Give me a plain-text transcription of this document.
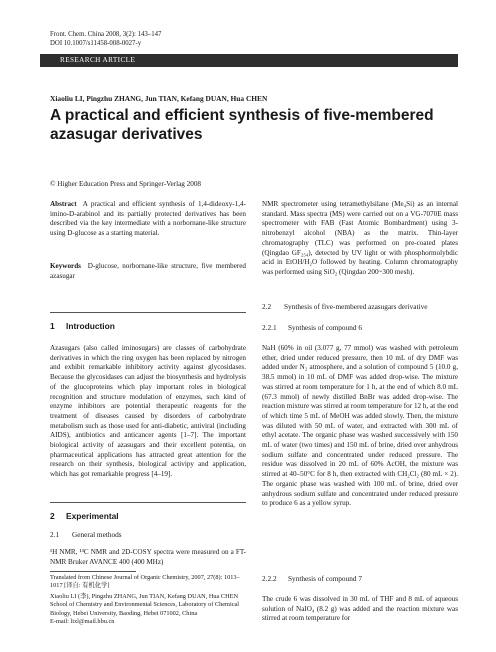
Front. Chem. China 2008, 3(2): 143–147
DOI 10.1007/s11458-008-0027-y
RESEARCH ARTICLE
Xiaoliu LI, Pingzhu ZHANG, Jun TIAN, Kefang DUAN, Hua CHEN
A practical and efficient synthesis of five-membered azasugar derivatives
© Higher Education Press and Springer-Verlag 2008

Abstract A practical and efficient synthesis of 1,4-dideoxy-1,4-imino-D-arabinol and its partially protected derivatives has been described via the key intermediate with a norbornane-like structure using D-glucose as a starting material.

Keywords D-glucose, norbornane-like structure, five membered azasugar

1 Introduction
Azasugars (also called iminosugars) are classes of carbohydrate derivatives in which the ring oxygen has been replaced by nitrogen and exhibit remarkable inhibitory activity against glycosidases. Because the glycosidases can adjust the biosynthesis and hydrolysis of the glucoproteins which play important roles in biological recognition and structure modulation of enzymes, such kind of enzyme inhibitors are potential therapeutic reagents for the treatment of diseases caused by disorders of carbohydrate metabolism such as those used for anti-diabetic, antiviral (including AIDS), antibiotics and anticancer agents [1–7]. The important biological activity of azasugars and their excellent potentia, on pharmaceutical applications has attracted great attention for the research on their synthesis, biological activipy and application, which has got remarkable progress [4–19].
2 Experimental
2.1 General methods
¹H NMR, ¹³C NMR and 2D-COSY spectra were measured on a FT-NMR Bruker AVANCE 400 (400 MHz)

Translated from Chinese Journal of Organic Chemistry, 2007, 27(8): 1013–1017 [译自: 有机化学]

Xiaoliu LI (李), Pingzhu ZHANG, Jun TIAN, Kefang DUAN, Hua CHEN

School of Chemistry and Environmental Sciences, Laboratory of Chemical Biology, Hebei University, Baoding, Hebei 071002, China

E-mail: lixl@mail.hbu.cn

NMR spectrometer using tetramethylsilane (Me₄Si) as an internal standard. Mass spectra (MS) were carried out on a VG-7070E mass spectrometer with FAB (Fast Atomic Bombardment) using 3-nitrobenzyl alcohol (NBA) as the matrix. Thin-layer chromatography (TLC) was performed on pre-coated plates (Qingdao GF₂₅₄), detected by UV light or with phosphormolybdic acid in EtOH/H₂O followed by heating. Column chromatography was performed using SiO₂ (Qingdao 200~300 mesh).
2.2 Synthesis of five-membered azasugars derivative
2.2.1 Synthesis of compound 6
NaH (60% in oil (3.077 g, 77 mmol) was washed with petroleum ether, dried under reduced pressure, then 10 mL of dry DMF was added under N₂ atmosphere, and a solution of compound 5 (10.0 g, 38.5 mmol) in 10 mL of DMF was added drop-wise. The mixture was stirred at room temperature for 1 h, at the end of which 8.0 mL (67.3 mmol) of newly distilled BnBr was added drop-wise. The reaction mixture was stirred at room temperature for 12 h, at the end of which time 5 mL of MeOH was added slowly. Then, the mixture was diluted with 50 mL of water, and extracted with 300 mL of ethyl acetate. The organic phase was washed successively with 150 mL of water (two times) and 150 mL of brine, dried over anhydrous sodium sulfate and concentrated under reduced pressure. The residue was dissolved in 20 mL of 60% AcOH, the mixture was stirred at 40–50°C for 8 h, then extracted with CH₂Cl₂ (80 mL × 2). The organic phase was washed with 100 mL of brine, dried over anhydrous sodium sulfate and concentrated under reduced pressure to produce 6 as a yellow syrup.
2.2.2 Synthesis of compound 7
The crude 6 was dissolved in 30 mL of THF and 8 mL of aqueous solution of NaIO₄ (8.2 g) was added and the reaction mixture was stirred at room temperature for
